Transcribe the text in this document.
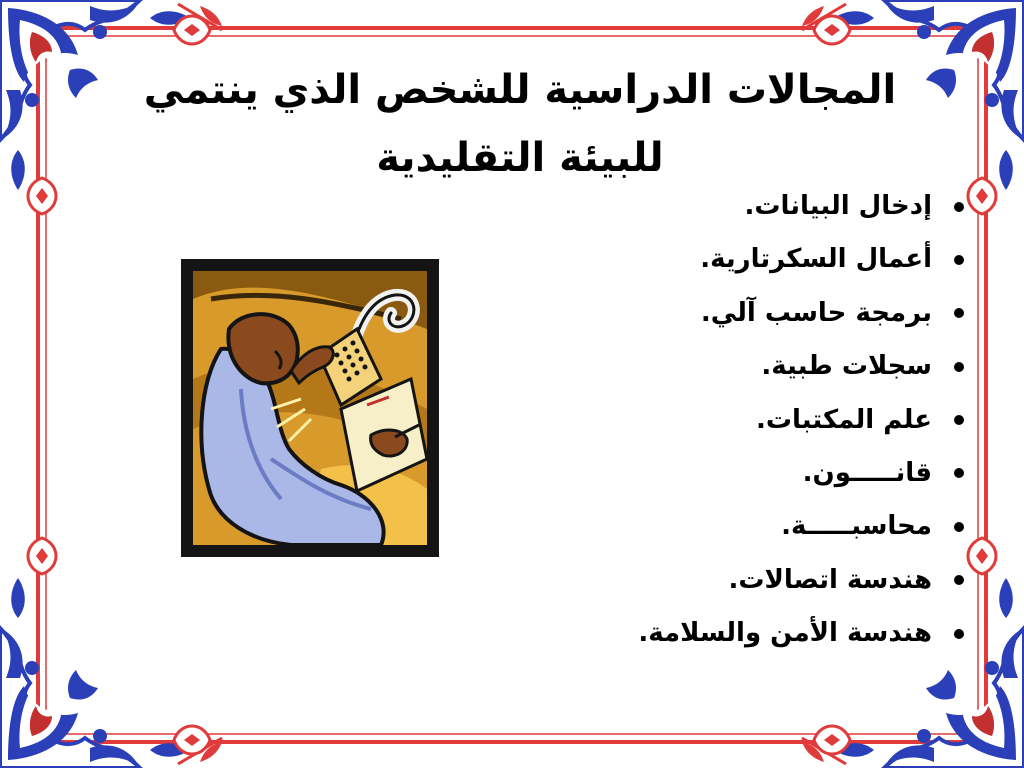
المجالات الدراسية للشخص الذي ينتمي للبيئة التقليدية
إدخال البيانات.
أعمال السكرتارية.
برمجة حاسب آلي.
سجلات طبية.
علم المكتبات.
قانـــــون.
محاسبـــــة.
هندسة اتصالات.
هندسة الأمن والسلامة.
